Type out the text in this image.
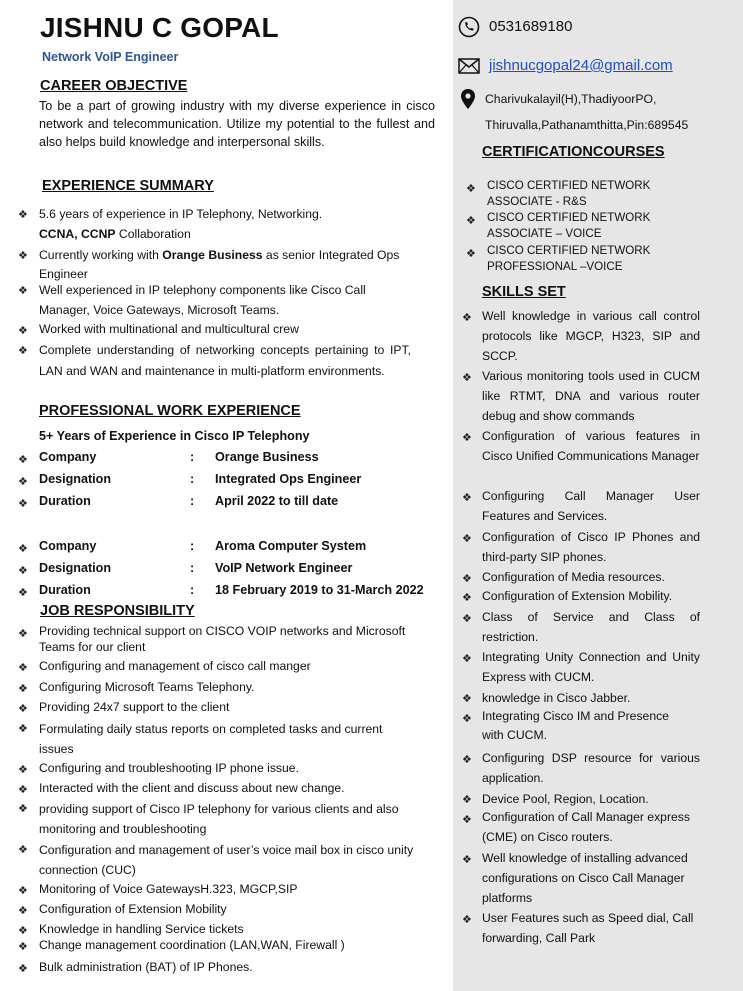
JISHNU C GOPAL
Network VoIP Engineer
CAREER OBJECTIVE
To be a part of growing industry with my diverse experience in cisco network and telecommunication. Utilize my potential to the fullest and also helps build knowledge and interpersonal skills.
EXPERIENCE SUMMARY
❖ 5.6 years of experience in IP Telephony, Networking.
CCNA, CCNP Collaboration
❖ Currently working with Orange Business as senior Integrated Ops Engineer
❖ Well experienced in IP telephony components like Cisco Call Manager, Voice Gateways, Microsoft Teams.
❖ Worked with multinational and multicultural crew
❖ Complete understanding of networking concepts pertaining to IPT, LAN and WAN and maintenance in multi-platform environments.
PROFESSIONAL WORK EXPERIENCE
5+ Years of Experience in Cisco IP Telephony
❖ Company	: Orange Business
❖ Designation	: Integrated Ops Engineer
❖ Duration	: April 2022 to till date
❖ Company	: Aroma Computer System
❖ Designation	: VoIP Network Engineer
❖ Duration	: 18 February 2019 to 31-March 2022
JOB RESPONSIBILITY
❖ Providing technical support on CISCO VOIP networks and Microsoft Teams for our client
❖ Configuring and management of cisco call manger
❖ Configuring Microsoft Teams Telephony.
❖ Providing 24x7 support to the client
❖ Formulating daily status reports on completed tasks and current issues
❖ Configuring and troubleshooting IP phone issue.
❖ Interacted with the client and discuss about new change.
❖ providing support of Cisco IP telephony for various clients and also monitoring and troubleshooting
❖ Configuration and management of user’s voice mail box in cisco unity connection (CUC)
❖ Monitoring of Voice GatewaysH.323, MGCP,SIP
❖ Configuration of Extension Mobility
❖ Knowledge in handling Service tickets
❖ Change management coordination (LAN,WAN, Firewall )
❖ Bulk administration (BAT) of IP Phones.
0531689180
jishnucgopal24@gmail.com
Charivukalayil(H),ThadiyoorPO,
Thiruvalla,Pathanamthitta,Pin:689545
CERTIFICATIONCOURSES
❖ CISCO CERTIFIED NETWORK ASSOCIATE - R&S
❖ CISCO CERTIFIED NETWORK ASSOCIATE – VOICE
❖ CISCO CERTIFIED NETWORK PROFESSIONAL –VOICE
SKILLS SET
❖ Well knowledge in various call control protocols like MGCP, H323, SIP and SCCP.
❖ Various monitoring tools used in CUCM like RTMT, DNA and various router debug and show commands
❖ Configuration of various features in Cisco Unified Communications Manager
❖ Configuring Call Manager User Features and Services.
❖ Configuration of Cisco IP Phones and third-party SIP phones.
❖ Configuration of Media resources.
❖ Configuration of Extension Mobility.
❖ Class of Service and Class of restriction.
❖ Integrating Unity Connection and Unity Express with CUCM.
❖ knowledge in Cisco Jabber.
❖ Integrating Cisco IM and Presence with CUCM.
❖ Configuring DSP resource for various application.
❖ Device Pool, Region, Location.
❖ Configuration of Call Manager express (CME) on Cisco routers.
❖ Well knowledge of installing advanced configurations on Cisco Call Manager platforms
❖ User Features such as Speed dial, Call forwarding, Call Park
